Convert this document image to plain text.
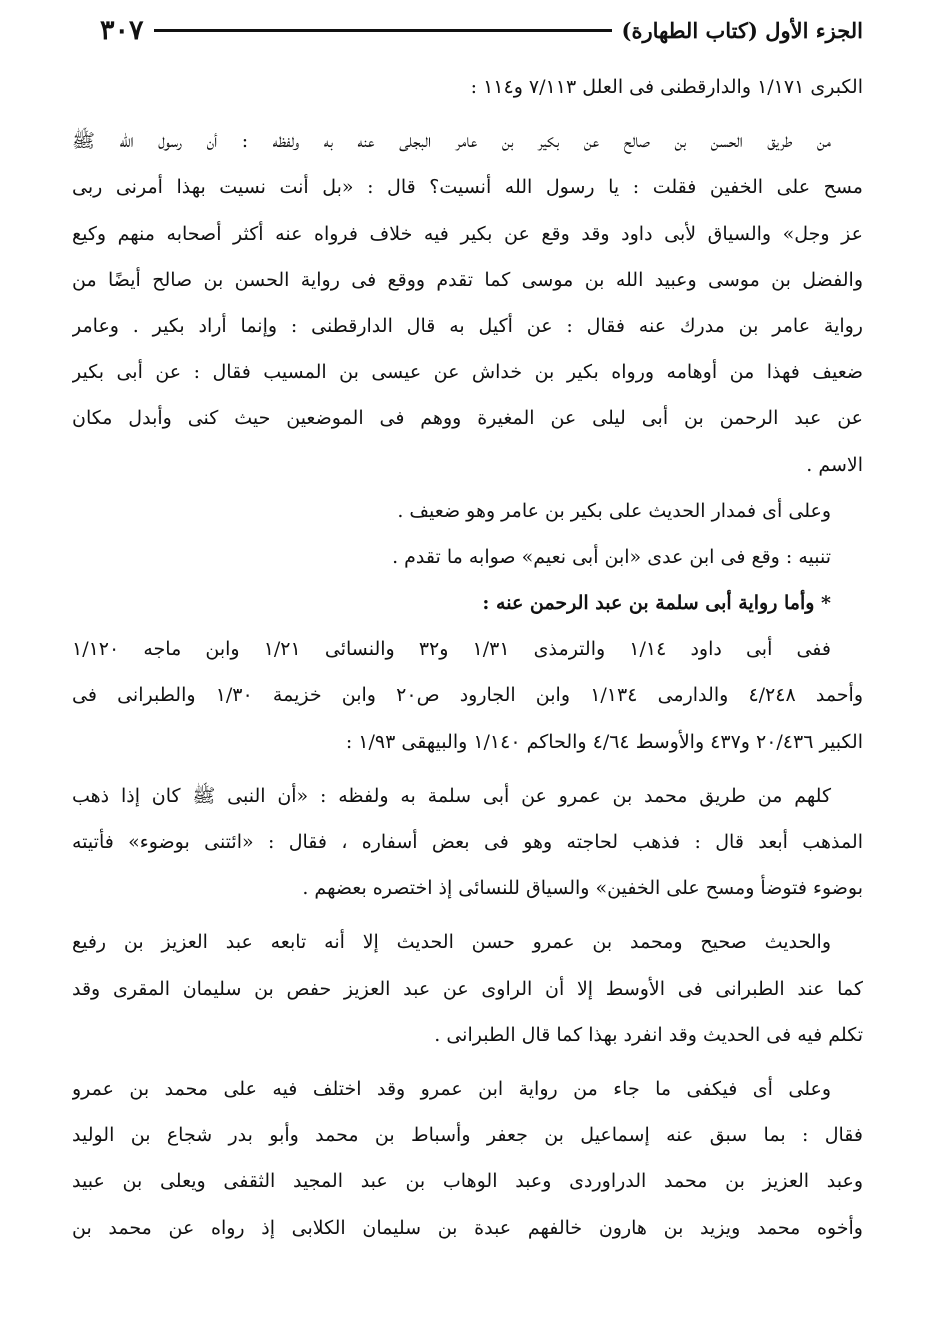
الجزء الأول (كتاب الطهارة)
٣٠٧
الكبرى ١/١٧١ والدارقطنى فى العلل ٧/١١٣ و١١٤ :
من طريق الحسن بن صالح عن بكير بن عامر البجلى عنه به ولفظه : أن رسول الله ﷺ
مسح على الخفين فقلت : يا رسول الله أنسيت؟ قال : «بل أنت نسيت بهذا أمرنى ربى
عز وجل» والسياق لأبى داود وقد وقع عن بكير فيه خلاف فرواه عنه أكثر أصحابه منهم وكيع
والفضل بن موسى وعبيد الله بن موسى كما تقدم ووقع فى رواية الحسن بن صالح أيضًا من
رواية عامر بن مدرك عنه فقال : عن أكيل به قال الدارقطنى : وإنما أراد بكير . وعامر
ضعيف فهذا من أوهامه ورواه بكير بن خداش عن عيسى بن المسيب فقال : عن أبى بكير
عن عبد الرحمن بن أبى ليلى عن المغيرة ووهم فى الموضعين حيث كنى وأبدل مكان
الاسم .
وعلى أى فمدار الحديث على بكير بن عامر وهو ضعيف .
تنبيه : وقع فى ابن عدى «ابن أبى نعيم» صوابه ما تقدم .
* وأما رواية أبى سلمة بن عبد الرحمن عنه :
ففى أبى داود ١/١٤ والترمذى ١/٣١ و٣٢ والنسائى ١/٢١ وابن ماجه ١/١٢٠
وأحمد ٤/٢٤٨ والدارمى ١/١٣٤ وابن الجارود ص٢٠ وابن خزيمة ١/٣٠ والطبرانى فى
الكبير ٢٠/٤٣٦ و٤٣٧ والأوسط ٤/٦٤ والحاكم ١/١٤٠ والبيهقى ١/٩٣ :
كلهم من طريق محمد بن عمرو عن أبى سلمة به ولفظه : «أن النبى ﷺ كان إذا ذهب
المذهب أبعد قال : فذهب لحاجته وهو فى بعض أسفاره ، فقال : «ائتنى بوضوء» فأتيته
بوضوء فتوضأ ومسح على الخفين» والسياق للنسائى إذ اختصره بعضهم .
والحديث صحيح ومحمد بن عمرو حسن الحديث إلا أنه تابعه عبد العزيز بن رفيع
كما عند الطبرانى فى الأوسط إلا أن الراوى عن عبد العزيز حفص بن سليمان المقرى وقد
تكلم فيه فى الحديث وقد انفرد بهذا كما قال الطبرانى .
وعلى أى فيكفى ما جاء من رواية ابن عمرو وقد اختلف فيه على محمد بن عمرو
فقال : بما سبق عنه إسماعيل بن جعفر وأسباط بن محمد وأبو بدر شجاع بن الوليد
وعبد العزيز بن محمد الدراوردى وعبد الوهاب بن عبد المجيد الثقفى ويعلى بن عبيد
وأخوه محمد ويزيد بن هارون خالفهم عبدة بن سليمان الكلابى إذ رواه عن محمد بن
